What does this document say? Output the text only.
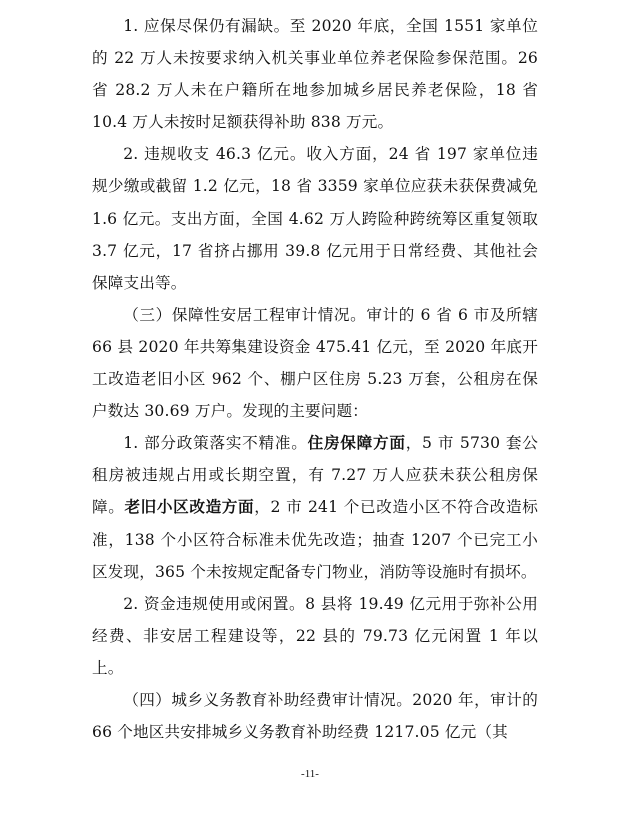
1. 应保尽保仍有漏缺。至 2020 年底，全国 1551 家单位的 22 万人未按要求纳入机关事业单位养老保险参保范围。26 省 28.2 万人未在户籍所在地参加城乡居民养老保险，18 省 10.4 万人未按时足额获得补助 838 万元。

2. 违规收支 46.3 亿元。收入方面，24 省 197 家单位违规少缴或截留 1.2 亿元，18 省 3359 家单位应获未获保费减免 1.6 亿元。支出方面，全国 4.62 万人跨险种跨统筹区重复领取 3.7 亿元，17 省挤占挪用 39.8 亿元用于日常经费、其他社会保障支出等。

（三）保障性安居工程审计情况。审计的 6 省 6 市及所辖 66 县 2020 年共筹集建设资金 475.41 亿元，至 2020 年底开工改造老旧小区 962 个、棚户区住房 5.23 万套，公租房在保户数达 30.69 万户。发现的主要问题：

1. 部分政策落实不精准。住房保障方面，5 市 5730 套公租房被违规占用或长期空置，有 7.27 万人应获未获公租房保障。老旧小区改造方面，2 市 241 个已改造小区不符合改造标准，138 个小区符合标准未优先改造；抽查 1207 个已完工小区发现，365 个未按规定配备专门物业，消防等设施时有损坏。

2. 资金违规使用或闲置。8 县将 19.49 亿元用于弥补公用经费、非安居工程建设等，22 县的 79.73 亿元闲置 1 年以上。

（四）城乡义务教育补助经费审计情况。2020 年，审计的 66 个地区共安排城乡义务教育补助经费 1217.05 亿元（其

-11-
